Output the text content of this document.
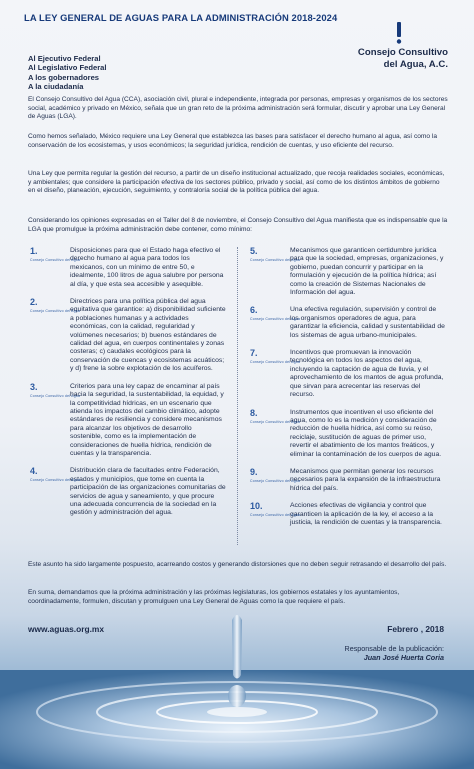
LA LEY GENERAL DE AGUAS PARA LA ADMINISTRACIÓN 2018-2024
Consejo Consultivo
del Agua, A.C.
Al Ejecutivo Federal
Al Legislativo Federal
A los gobernadores
A la ciudadanía
El Consejo Consultivo del Agua (CCA), asociación civil, plural e independiente, integrada por personas, empresas y organismos de los sectores social, académico y privado en México, señala que un gran reto de la próxima administración será formular, discutir y aprobar una Ley General de Aguas (LGA).
Como hemos señalado, México requiere una Ley General que establezca las bases para satisfacer el derecho humano al agua, así como la conservación de los ecosistemas, y usos económicos; la seguridad jurídica, rendición de cuentas, y uso eficiente del recurso.
Una Ley que permita regular la gestión del recurso, a partir de un diseño institucional actualizado, que recoja realidades sociales, económicas, y ambientales; que considere la participación efectiva de los sectores público, privado y social, así como de los distintos ámbitos de gobierno en el diseño, planeación, ejecución, seguimiento, y contraloría social de la política pública del agua.
Considerando los opiniones expresadas en el Taller del 8 de noviembre, el Consejo Consultivo del Agua manifiesta que es indispensable que la LGA que promulgue la próxima administración debe contener, como mínimo:
1.
Consejo Consultivo del Agua
Disposiciones para que el Estado haga efectivo el derecho humano al agua para todos los mexicanos, con un mínimo de entre 50, e idealmente, 100 litros de agua salubre por persona al día, y que esta sea accesible y asequible.
2.
Consejo Consultivo del Agua
Directrices para una política pública del agua equitativa que garantice: a) disponibilidad suficiente a poblaciones humanas y a actividades económicas, con la calidad, regularidad y volúmenes necesarios; b) buenos estándares de calidad del agua, en cuerpos continentales y zonas costeras; c) caudales ecológicos para la conservación de cuencas y ecosistemas acuáticos; y d) frene la sobre explotación de los acuíferos.
3.
Consejo Consultivo del Agua
Criterios para una ley capaz de encaminar al país hacia la seguridad, la sustentabilidad, la equidad, y la competitividad hídricas, en un escenario que atienda los impactos del cambio climático, adopte estándares de resiliencia y considere mecanismos para alcanzar los objetivos de desarrollo sostenible, como es la implementación de consideraciones de huella hídrica, rendición de cuentas y la transparencia.
4.
Consejo Consultivo del Agua
Distribución clara de facultades entre Federación, estados y municipios, que tome en cuenta la participación de las organizaciones comunitarias de servicios de agua y saneamiento, y que procure una adecuada concurrencia de la sociedad en la gestión y administración del agua.
5.
Consejo Consultivo del Agua
Mecanismos que garanticen certidumbre jurídica para que la sociedad, empresas, organizaciones, y gobierno, puedan concurrir y participar en la formulación y ejecución de la política hídrica; así como la creación de Sistemas Nacionales de Información del agua.
6.
Consejo Consultivo del Agua
Una efectiva regulación, supervisión y control de los organismos operadores de agua, para garantizar la eficiencia, calidad y sustentabilidad de los sistemas de agua urbano-municipales.
7.
Consejo Consultivo del Agua
Incentivos que promuevan la innovación tecnológica en todos los aspectos del agua, incluyendo la captación de agua de lluvia, y el aprovechamiento de los mantos de agua profunda, que sirvan para acrecentar las reservas del recurso.
8.
Consejo Consultivo del Agua
Instrumentos que incentiven el uso eficiente del agua, como lo es la medición y consideración de reducción de huella hídrica, así como su reúso, reciclaje, sustitución de aguas de primer uso, revertir el abatimiento de los mantos freáticos, y eliminar la contaminación de los cuerpos de agua.
9.
Consejo Consultivo del Agua
Mecanismos que permitan generar los recursos necesarios para la expansión de la infraestructura hídrica del país.
10.
Consejo Consultivo del Agua
Acciones efectivas de vigilancia y control que garanticen la aplicación de la ley, el acceso a la justicia, la rendición de cuentas y la transparencia.
Este asunto ha sido largamente pospuesto, acarreando costos y generando distorsiones que no deben seguir retrasando el desarrollo del país.
En suma, demandamos que la próxima administración y las próximas legislaturas, los gobiernos estatales y los ayuntamientos, coordinadamente, formulen, discutan y promulguen una Ley General de Aguas como la que requiere el país.
www.aguas.org.mx	Febrero , 2018
Responsable de la publicación:
Juan José Huerta Coria
